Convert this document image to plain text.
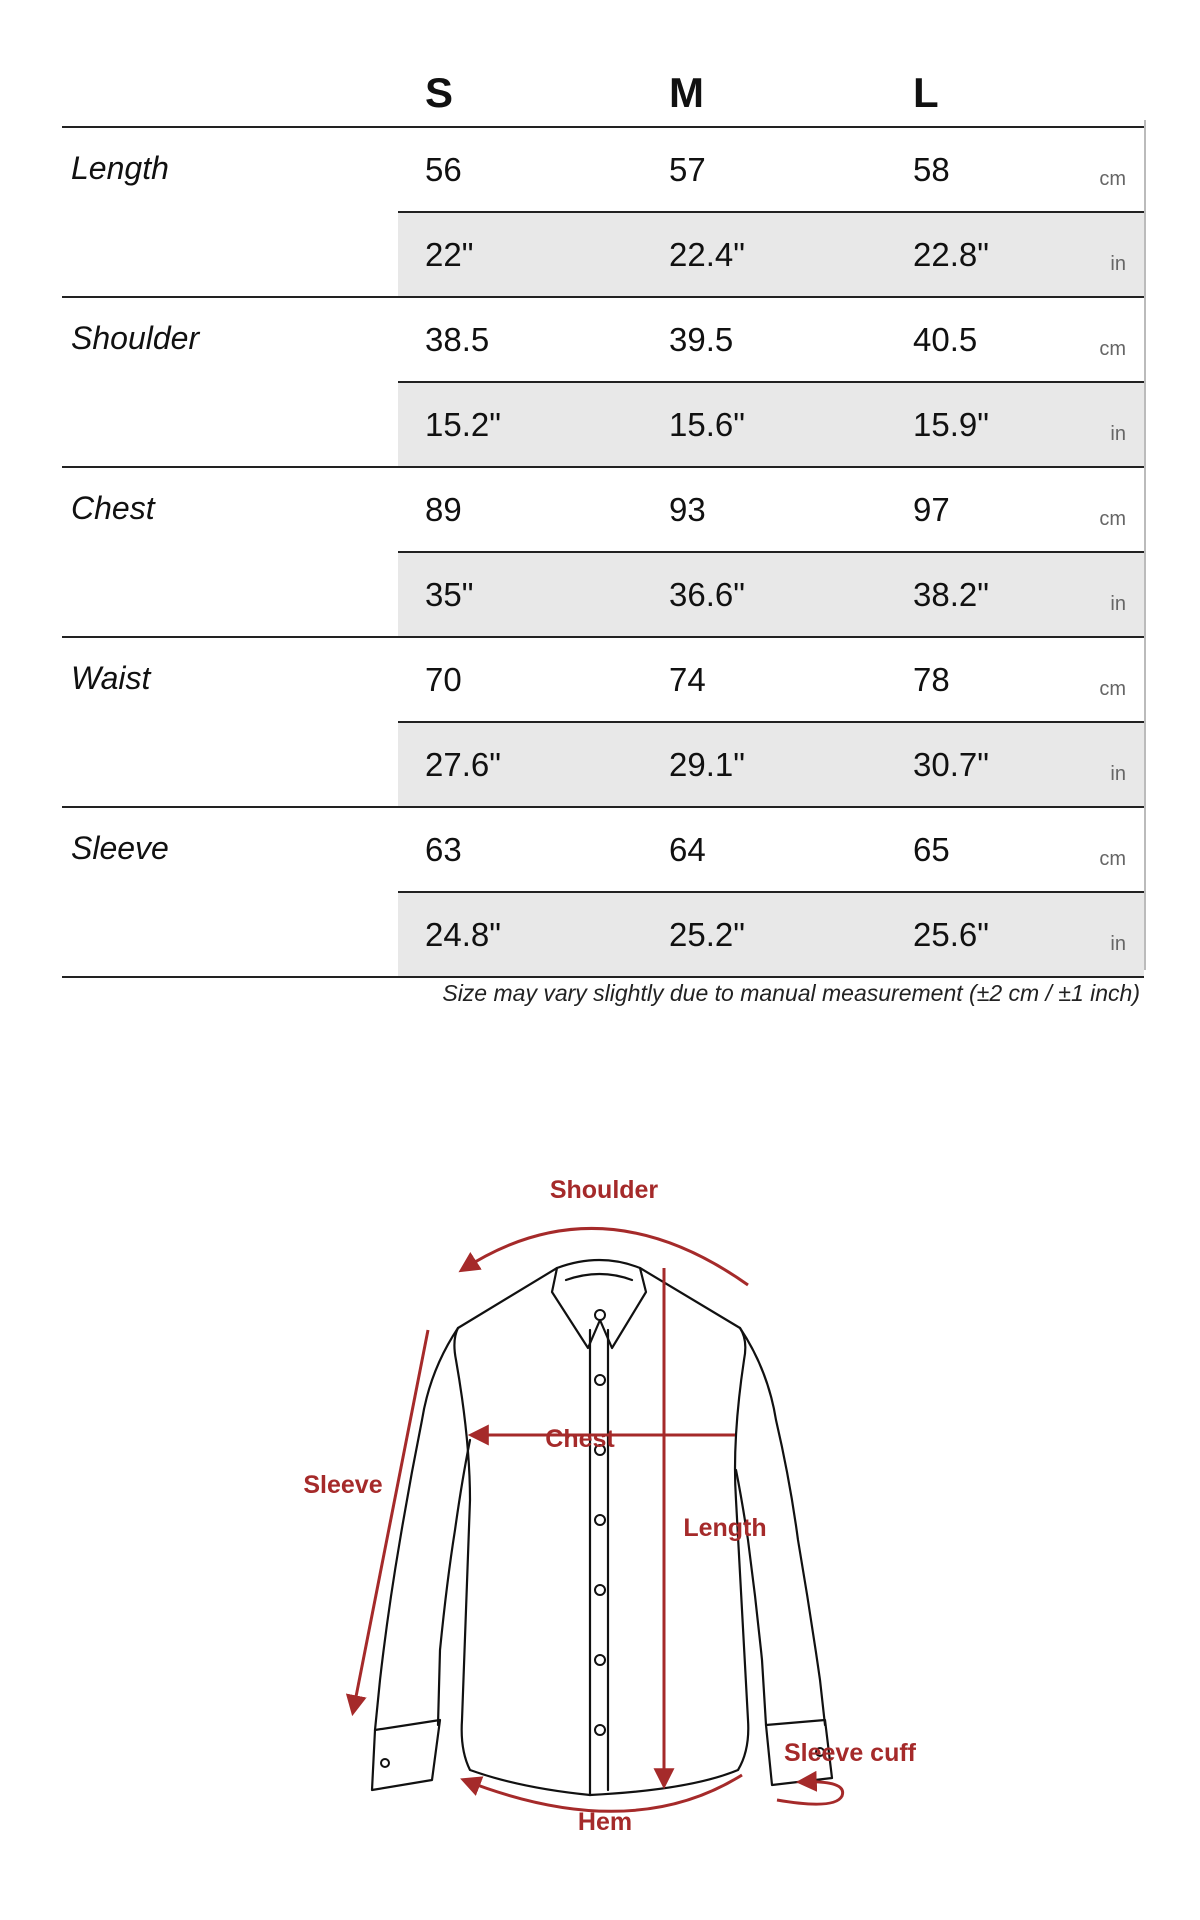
	S	M	L	
Length	56	57	58	cm

	22"	22.4"	22.8"	in

Shoulder	38.5	39.5	40.5	cm

	15.2"	15.6"	15.9"	in

Chest	89	93	97	cm

	35"	36.6"	38.2"	in

Waist	70	74	78	cm

	27.6"	29.1"	30.7"	in

Sleeve	63	64	65	cm

	24.8"	25.2"	25.6"	in
Size may vary slightly due to manual measurement (±2 cm / ±1 inch)
Shoulder
Chest
Sleeve
Length
Sleeve cuff
Hem
